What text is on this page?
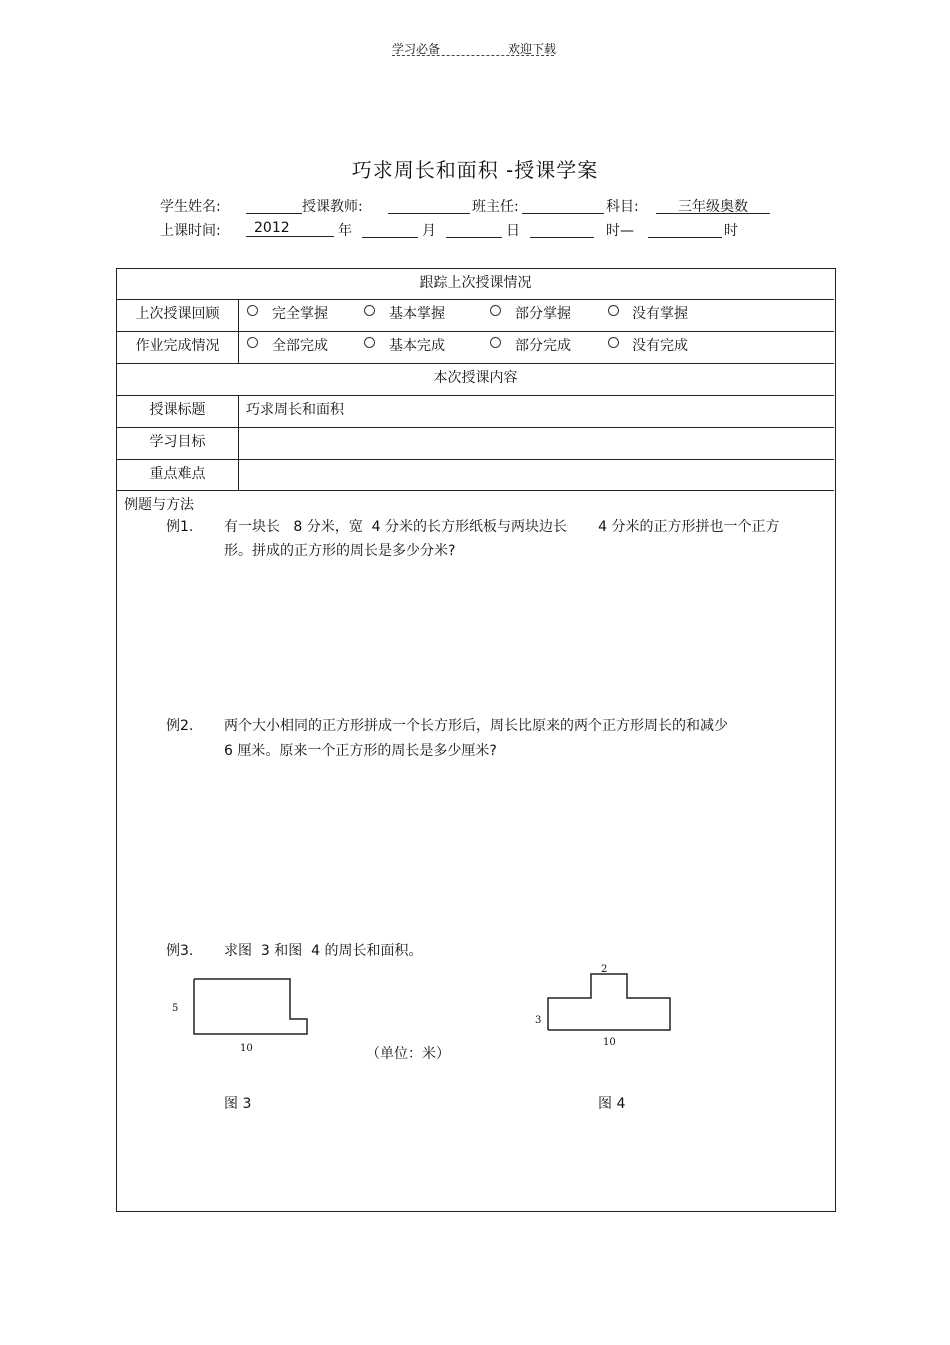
学习必备	欢迎下载
巧求周长和面积 -授课学案
学生姓名:	授课教师:	班主任:	科目:	三年级奥数
上课时间:	2012	年	月	日	时—	时
跟踪上次授课情况
上次授课回顾	完全掌握	基本掌握	部分掌握	没有掌握
作业完成情况	全部完成	基本完成	部分完成	没有完成
本次授课内容
授课标题	巧求周长和面积
学习目标
重点难点
例题与方法
例1. 有一块长   8 分米，宽  4 分米的长方形纸板与两块边长       4 分米的正方形拼也一个正方
形。拼成的正方形的周长是多少分米?
例2. 两个大小相同的正方形拼成一个长方形后，周长比原来的两个正方形周长的和减少
6 厘米。原来一个正方形的周长是多少厘米?
例3. 求图  3 和图  4 的周长和面积。
5
10	（单位：米）
2
3
10
图 3	图 4
